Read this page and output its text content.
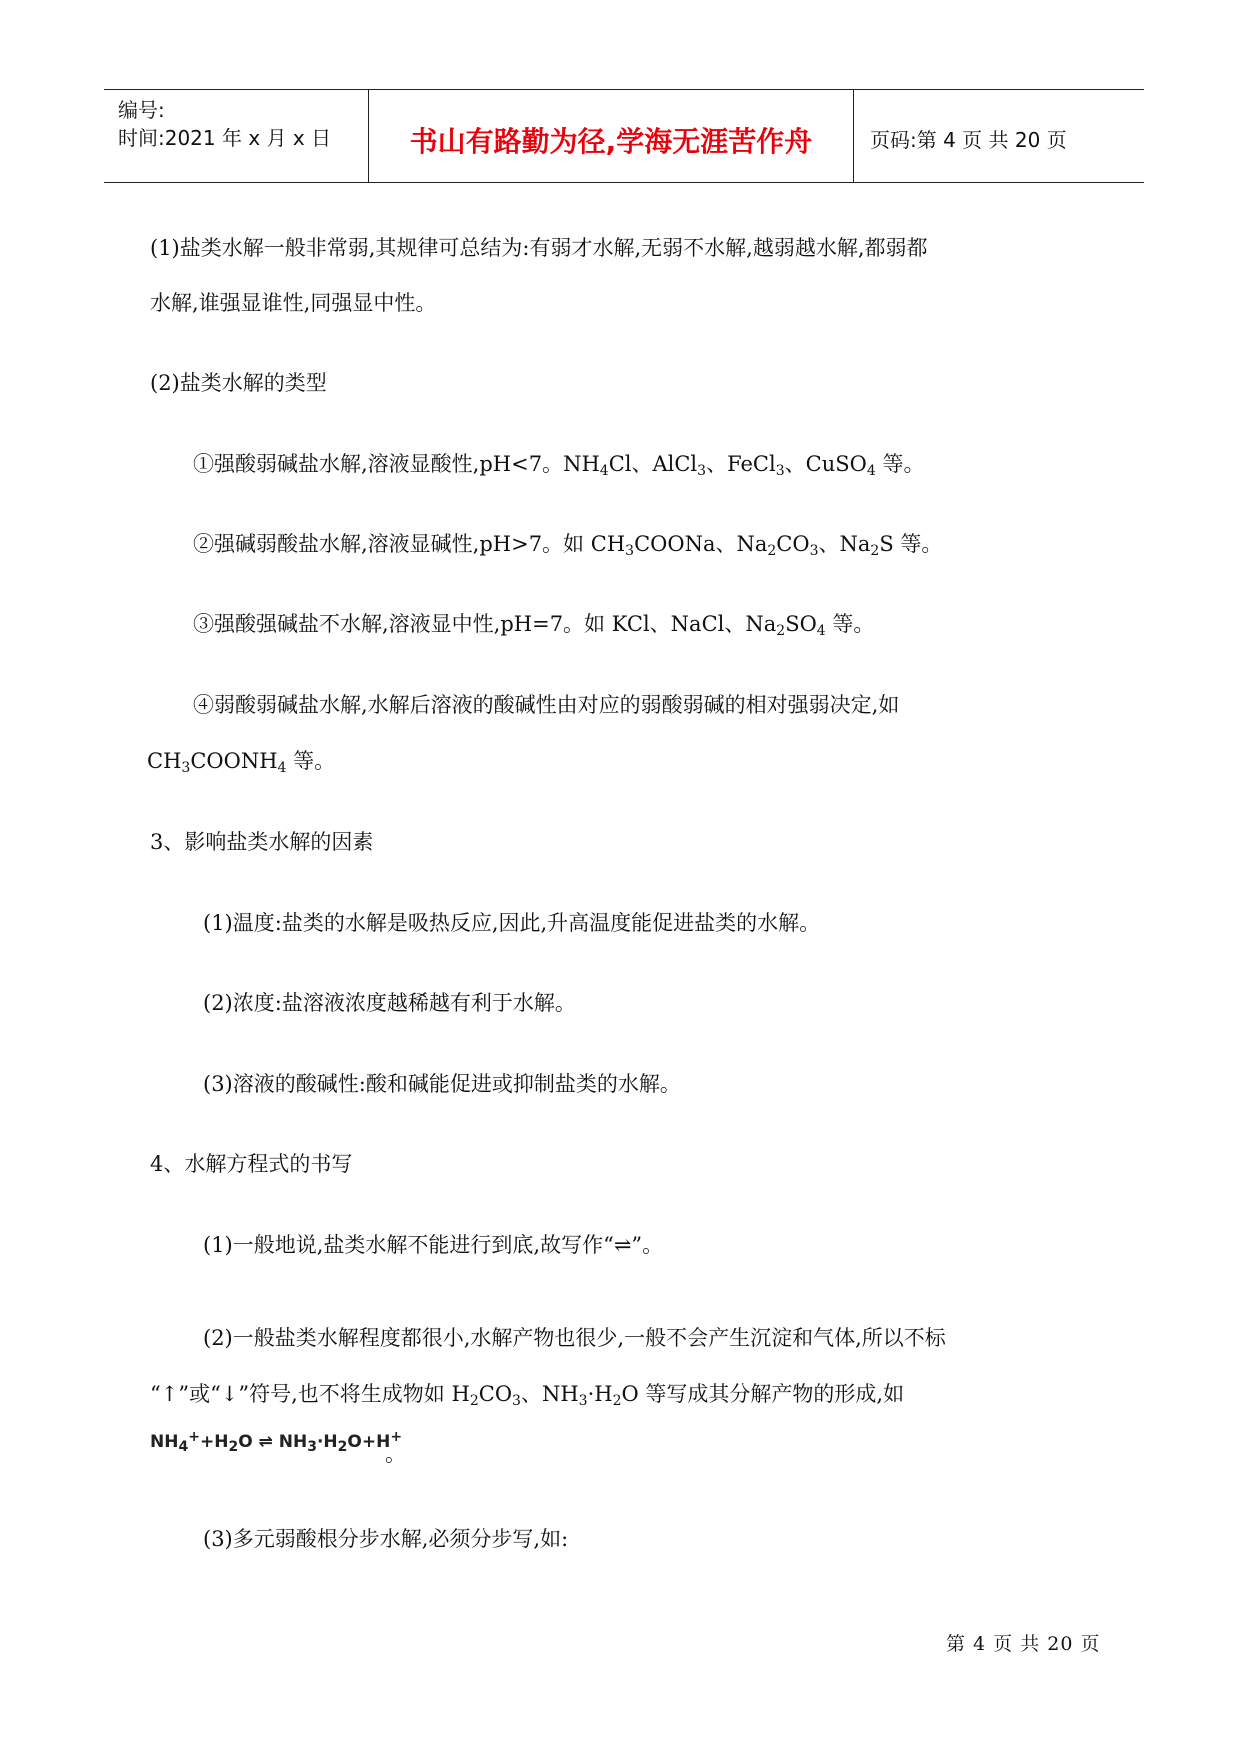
编号:
时间:2021 年 x 月 x 日	书山有路勤为径,学海无涯苦作舟	页码:第 4 页 共 20 页
(1)盐类水解一般非常弱,其规律可总结为:有弱才水解,无弱不水解,越弱越水解,都弱都
水解,谁强显谁性,同强显中性。
(2)盐类水解的类型
①强酸弱碱盐水解,溶液显酸性,pH<7。$NH_4Cl$、AlCl$_3$、FeCl$_3$、CuSO$_4$ 等。
②强碱弱酸盐水解,溶液显碱性,pH>7。如 $CH_3COONa$、$Na_2CO_3$、$Na_2S$ 等。
③强酸强碱盐不水解,溶液显中性,pH=7。如 KCl、NaCl、$Na_2SO_4$ 等。
④弱酸弱碱盐水解,水解后溶液的酸碱性由对应的弱酸弱碱的相对强弱决定,如
$CH_3COONH_4$ 等。
3、影响盐类水解的因素
(1)温度:盐类的水解是吸热反应,因此,升高温度能促进盐类的水解。
(2)浓度:盐溶液浓度越稀越有利于水解。
(3)溶液的酸碱性:酸和碱能促进或抑制盐类的水解。
4、水解方程式的书写
(1)一般地说,盐类水解不能进行到底,故写作“⇌”。
(2)一般盐类水解程度都很小,水解产物也很少,一般不会产生沉淀和气体,所以不标
“↑”或“↓”符号,也不将生成物如 $H_2CO_3$、$NH_3\cdot H_2O$ 等写成其分解产物的形成,如
$NH_4^++H_2O$ ⇌ $NH_3\cdot H_2O+H^+$
。
(3)多元弱酸根分步水解,必须分步写,如:
第 4 页 共 20 页
